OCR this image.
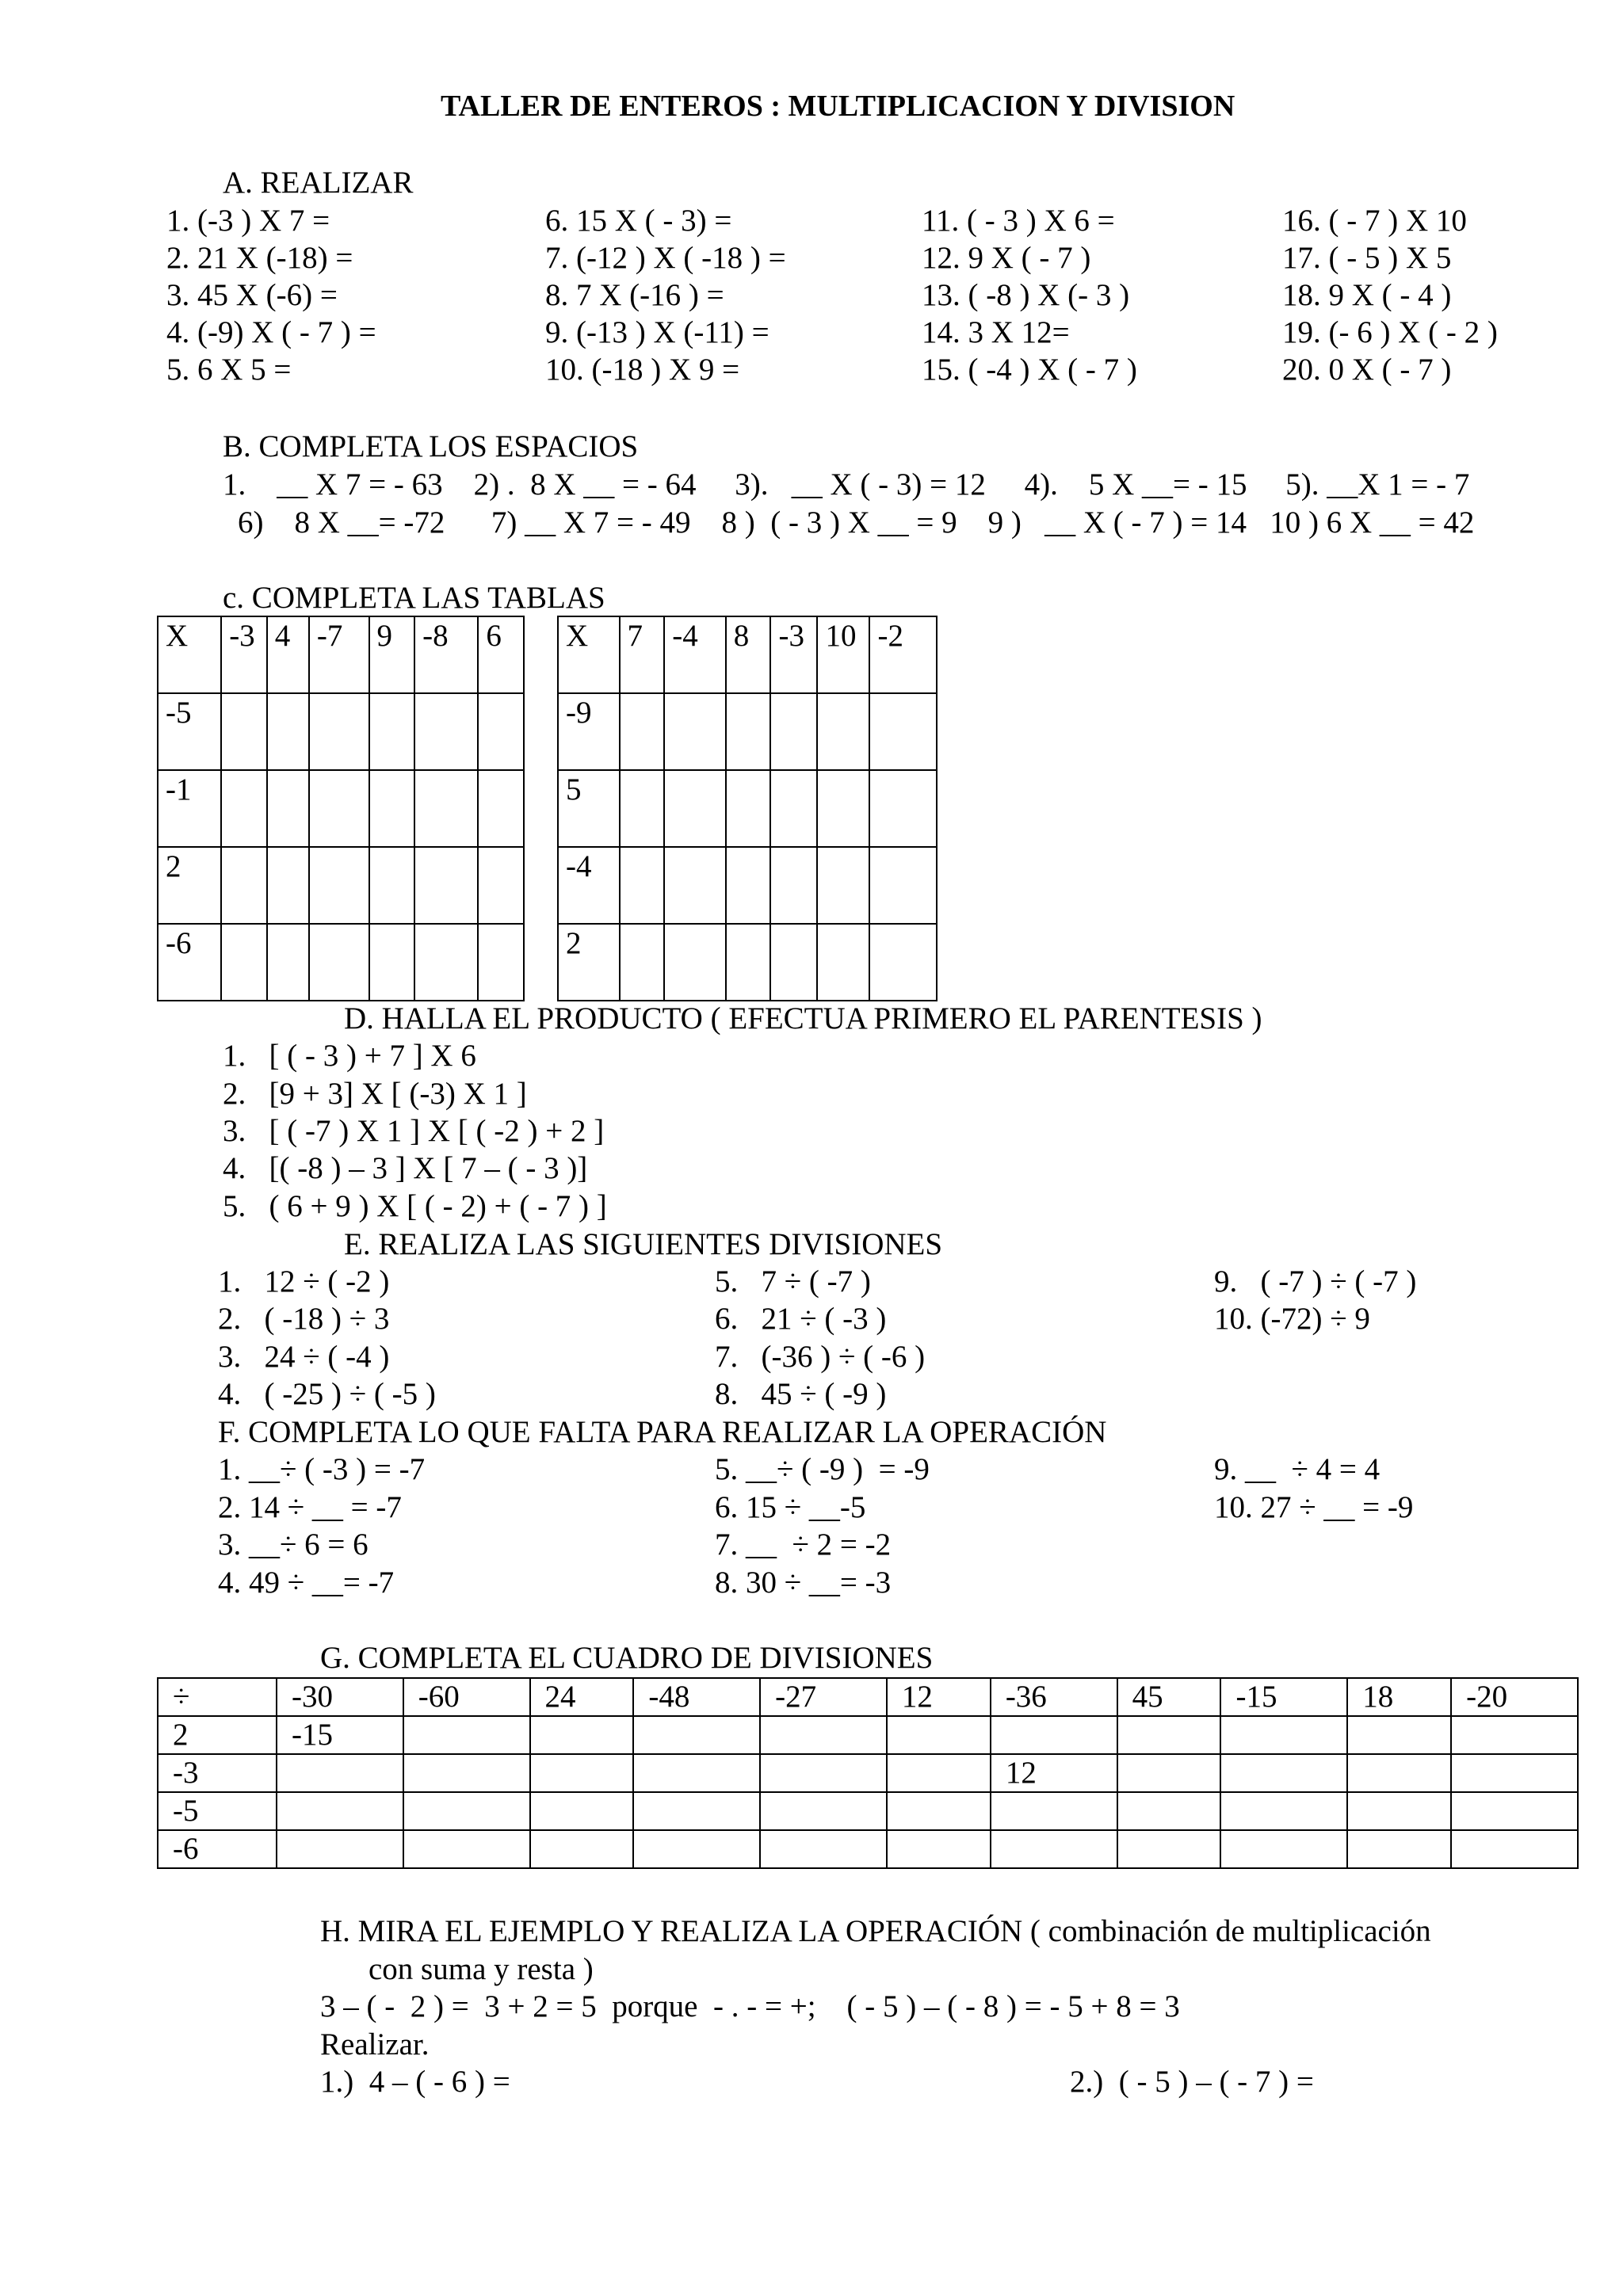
TALLER DE ENTEROS : MULTIPLICACION Y DIVISION
A. REALIZAR
1. (-3 ) X 7 =	6. 15 X ( - 3) =	11. ( - 3 ) X 6 =	16. ( - 7 ) X 10
2. 21 X (-18) =	7. (-12 ) X ( -18 ) =	12. 9 X ( - 7 )	17. ( - 5 ) X 5
3. 45 X (-6) =	8. 7 X (-16 ) =	13. ( -8 ) X (- 3 )	18. 9 X ( - 4 )
4. (-9) X ( - 7 ) =	9. (-13 ) X (-11) =	14. 3 X 12=	19. (- 6 ) X ( - 2 )
5. 6 X 5 =	10. (-18 ) X 9 =	15. ( -4 ) X ( - 7 )	20. 0 X ( - 7 )
B. COMPLETA LOS ESPACIOS
1.    __ X 7 = - 63    2) .  8 X __ = - 64     3).   __ X ( - 3) = 12     4).    5 X __= - 15     5). __X 1 = - 7
6)    8 X __= -72      7) __ X 7 = - 49    8 )  ( - 3 ) X __ = 9    9 )   __ X ( - 7 ) = 14   10 ) 6 X __ = 42
c. COMPLETA LAS TABLAS
X	-3	4	-7	9	-8	6
-5						
-1						
2						
-6						
X	7	-4	8	-3	10	-2
-9						
5						
-4						
2						
D. HALLA EL PRODUCTO ( EFECTUA PRIMERO EL PARENTESIS )
1.   [ ( - 3 ) + 7 ] X 6
2.   [9 + 3] X [ (-3) X 1 ]
3.   [ ( -7 ) X 1 ] X [ ( -2 ) + 2 ]
4.   [( -8 ) – 3 ] X [ 7 – ( - 3 )]
5.   ( 6 + 9 ) X [ ( - 2) + ( - 7 ) ]
E. REALIZA LAS SIGUIENTES DIVISIONES
1.   12 ÷ ( -2 )	5.   7 ÷ ( -7 )	9.   ( -7 ) ÷ ( -7 )
2.   ( -18 ) ÷ 3	6.   21 ÷ ( -3 )	10. (-72) ÷ 9
3.   24 ÷ ( -4 )	7.   (-36 ) ÷ ( -6 )
4.   ( -25 ) ÷ ( -5 )	8.   45 ÷ ( -9 )
F. COMPLETA LO QUE FALTA PARA REALIZAR LA OPERACIÓN
1. __÷ ( -3 ) = -7	5. __÷ ( -9 )  = -9	9. __  ÷ 4 = 4
2. 14 ÷ __ = -7	6. 15 ÷ __-5	10. 27 ÷ __ = -9
3. __÷ 6 = 6	7. __  ÷ 2 = -2
4. 49 ÷ __= -7	8. 30 ÷ __= -3
G. COMPLETA EL CUADRO DE DIVISIONES
÷	-30	-60	24	-48	-27	12	-36	45	-15	18	-20
2	-15										
-3							12				
-5											
-6											
H. MIRA EL EJEMPLO Y REALIZA LA OPERACIÓN ( combinación de multiplicación
con suma y resta )
3 – ( -  2 ) =  3 + 2 = 5  porque  - . - = +;    ( - 5 ) – ( - 8 ) = - 5 + 8 = 3
Realizar.
1.)  4 – ( - 6 ) =	2.)  ( - 5 ) – ( - 7 ) =
